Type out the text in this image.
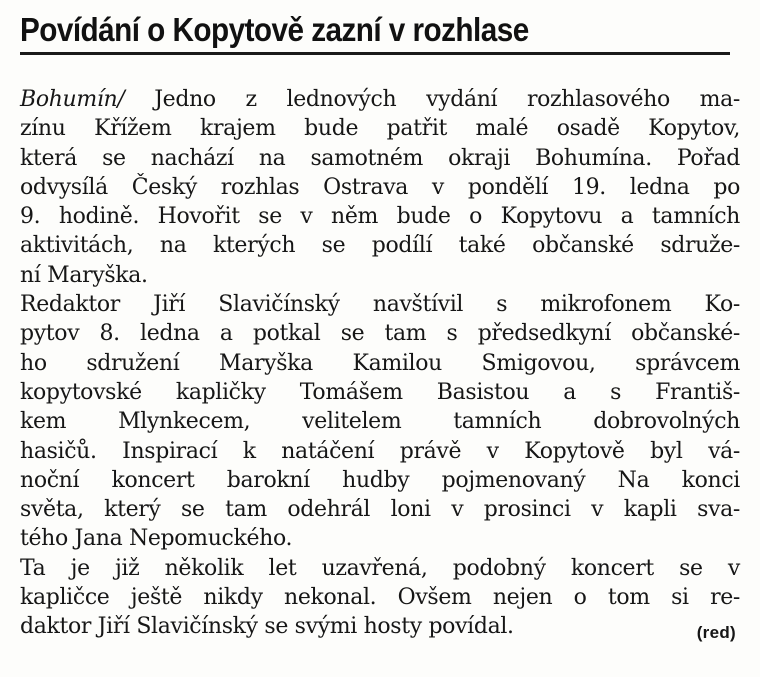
Povídání o Kopytově zazní v rozhlase
Bohumín/ Jedno z lednových vydání rozhlasového ma-
zínu Křížem krajem bude patřit malé osadě Kopytov,
která se nachází na samotném okraji Bohumína. Pořad
odvysílá Český rozhlas Ostrava v pondělí 19. ledna po
9. hodině. Hovořit se v něm bude o Kopytovu a tamních
aktivitách, na kterých se podílí také občanské sdruže-
ní Maryška.
Redaktor Jiří Slavičínský navštívil s mikrofonem Ko-
pytov 8. ledna a potkal se tam s předsedkyní občanské-
ho sdružení Maryška Kamilou Smigovou, správcem
kopytovské kapličky Tomášem Basistou a s Františ-
kem Mlynkecem, velitelem tamních dobrovolných
hasičů. Inspirací k natáčení právě v Kopytově byl vá-
noční koncert barokní hudby pojmenovaný Na konci
světa, který se tam odehrál loni v prosinci v kapli sva-
tého Jana Nepomuckého.
Ta je již několik let uzavřená, podobný koncert se v
kapličce ještě nikdy nekonal. Ovšem nejen o tom si re-
daktor Jiří Slavičínský se svými hosty povídal.	(red)
